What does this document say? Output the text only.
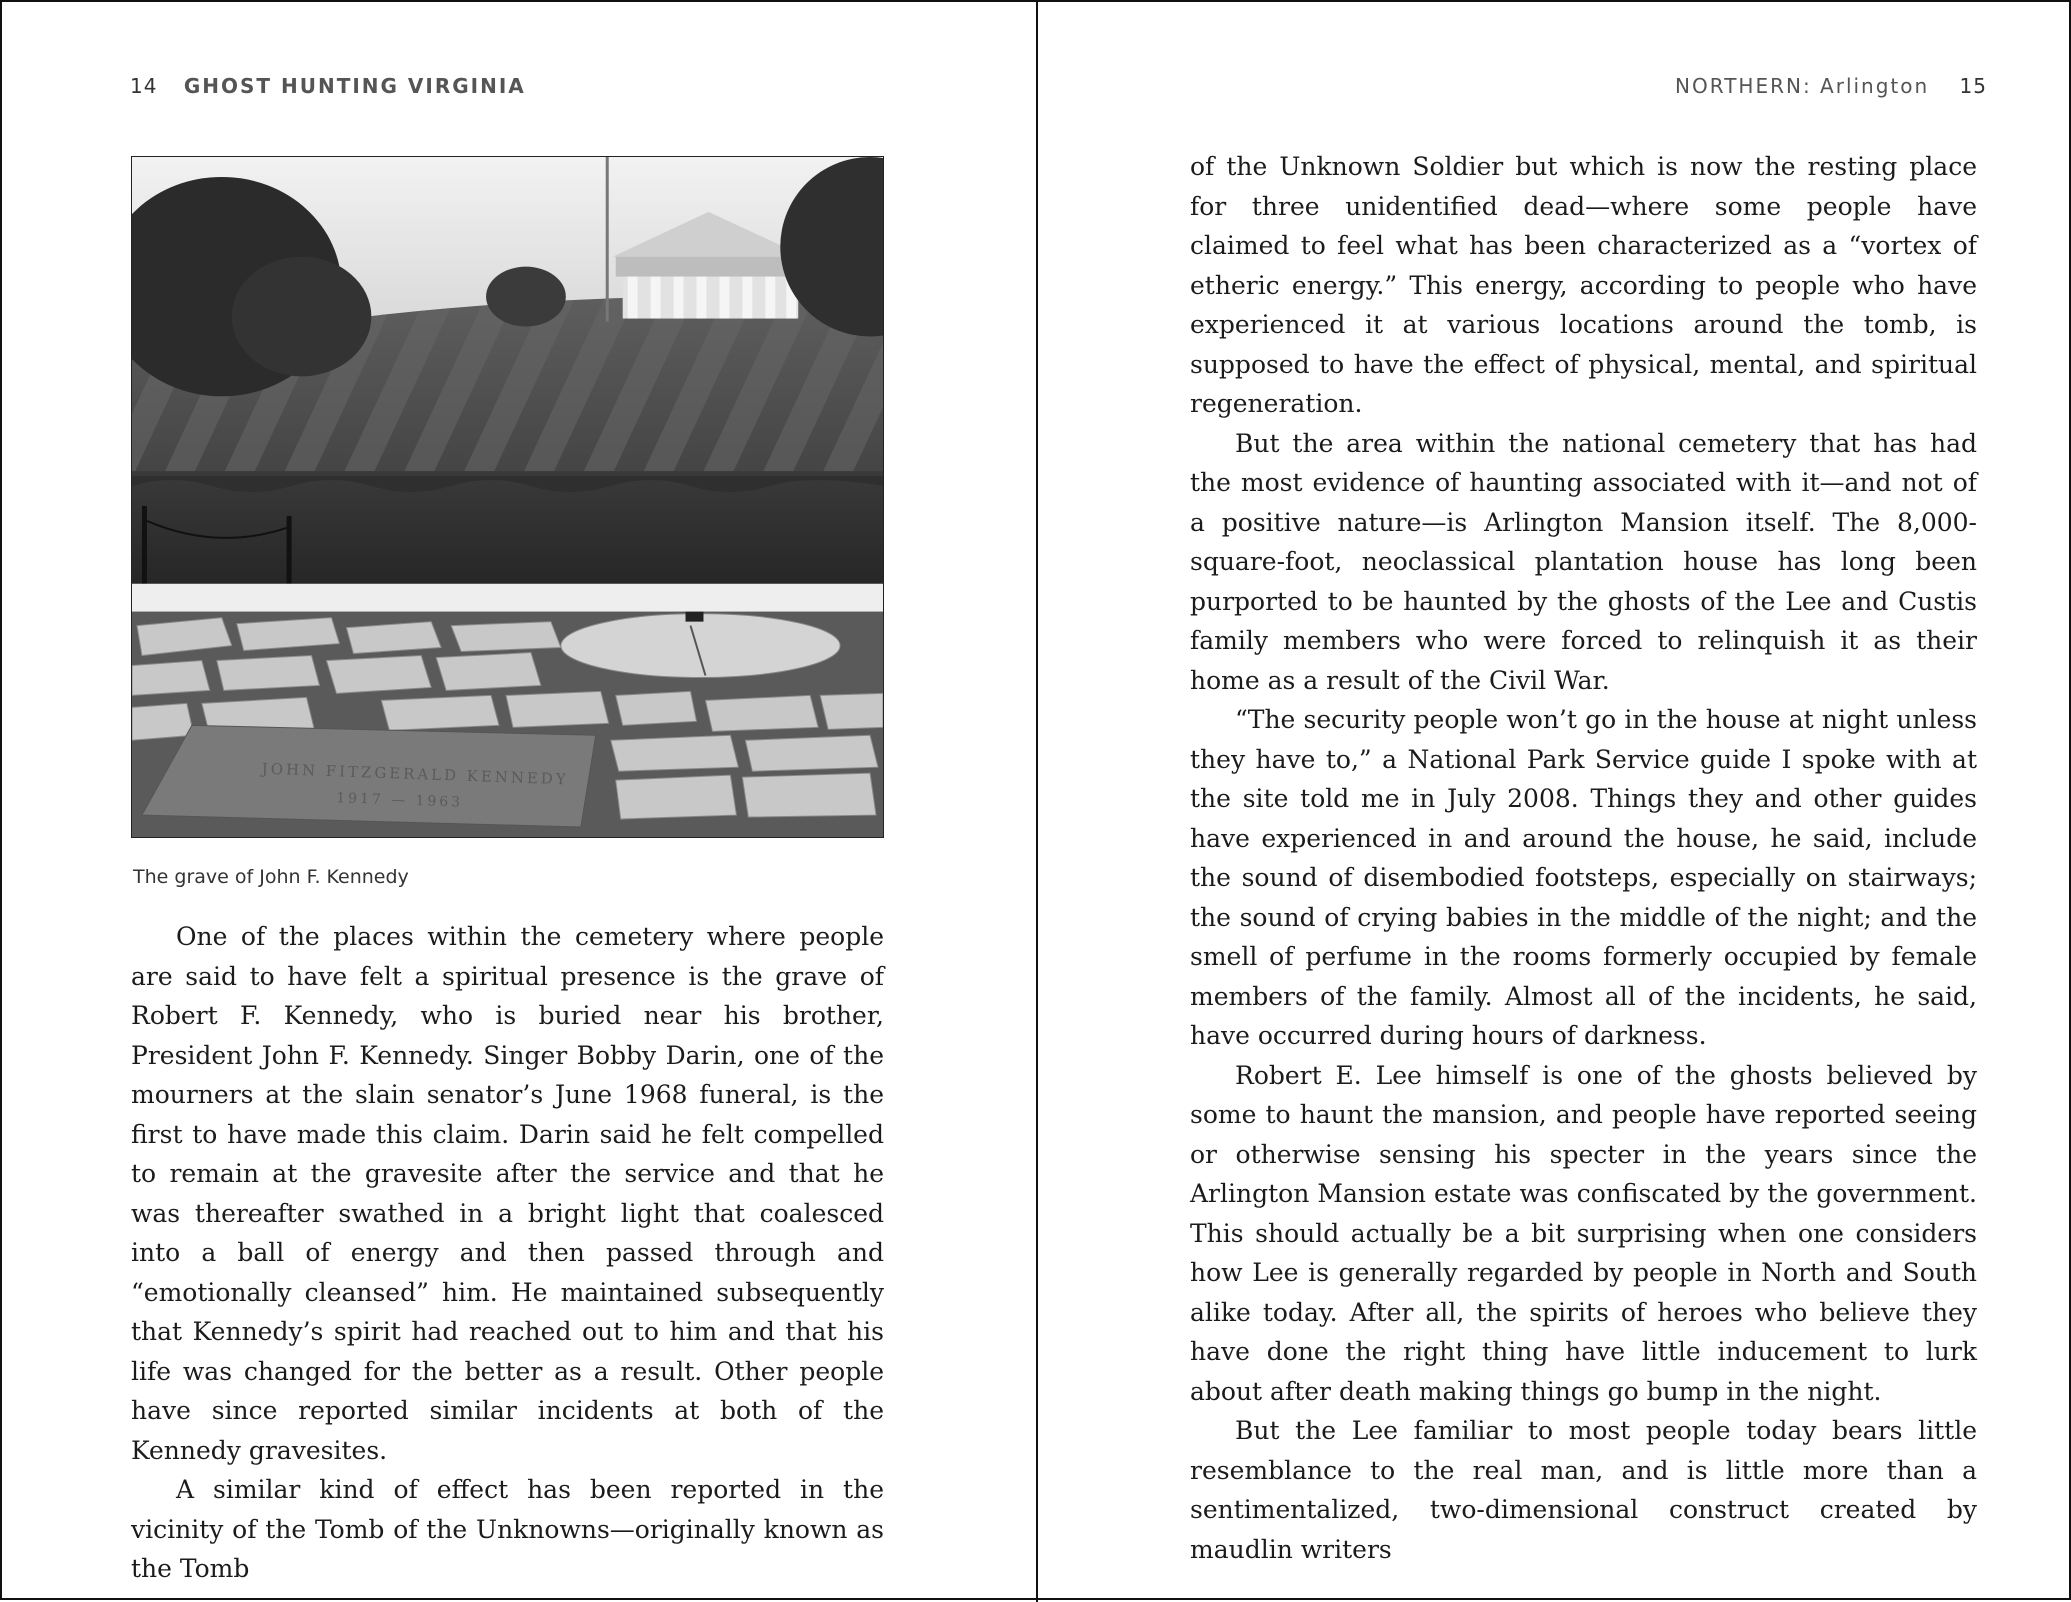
14 GHOST HUNTING VIRGINIA
JOHN FITZGERALD KENNEDY
1917 — 1963
The grave of John F. Kennedy

One of the places within the cemetery where people are said to have felt a spiritual presence is the grave of Robert F. Kennedy, who is buried near his brother, President John F. Kennedy. Singer Bobby Darin, one of the mourners at the slain senator’s June 1968 funeral, is the first to have made this claim. Darin said he felt compelled to remain at the gravesite after the service and that he was thereafter swathed in a bright light that coalesced into a ball of energy and then passed through and “emotionally cleansed” him. He maintained subsequently that Kennedy’s spirit had reached out to him and that his life was changed for the better as a result. Other people have since reported similar incidents at both of the Kennedy gravesites.

A similar kind of effect has been reported in the vicinity of the Tomb of the Unknowns—originally known as the Tomb

NORTHERN: Arlington 15

of the Unknown Soldier but which is now the resting place for three unidentified dead—where some people have claimed to feel what has been characterized as a “vortex of etheric energy.” This energy, according to people who have experienced it at various locations around the tomb, is supposed to have the effect of physical, mental, and spiritual regeneration.

But the area within the national cemetery that has had the most evidence of haunting associated with it—and not of a positive nature—is Arlington Mansion itself. The 8,000-square-foot, neoclassical plantation house has long been purported to be haunted by the ghosts of the Lee and Custis family members who were forced to relinquish it as their home as a result of the Civil War.

“The security people won’t go in the house at night unless they have to,” a National Park Service guide I spoke with at the site told me in July 2008. Things they and other guides have experienced in and around the house, he said, include the sound of disembodied footsteps, especially on stairways; the sound of crying babies in the middle of the night; and the smell of perfume in the rooms formerly occupied by female members of the family. Almost all of the incidents, he said, have occurred during hours of darkness.

Robert E. Lee himself is one of the ghosts believed by some to haunt the mansion, and people have reported seeing or otherwise sensing his specter in the years since the Arlington Mansion estate was confiscated by the government. This should actually be a bit surprising when one considers how Lee is generally regarded by people in North and South alike today. After all, the spirits of heroes who believe they have done the right thing have little inducement to lurk about after death making things go bump in the night.

But the Lee familiar to most people today bears little resemblance to the real man, and is little more than a sentimentalized, two-dimensional construct created by maudlin writers
